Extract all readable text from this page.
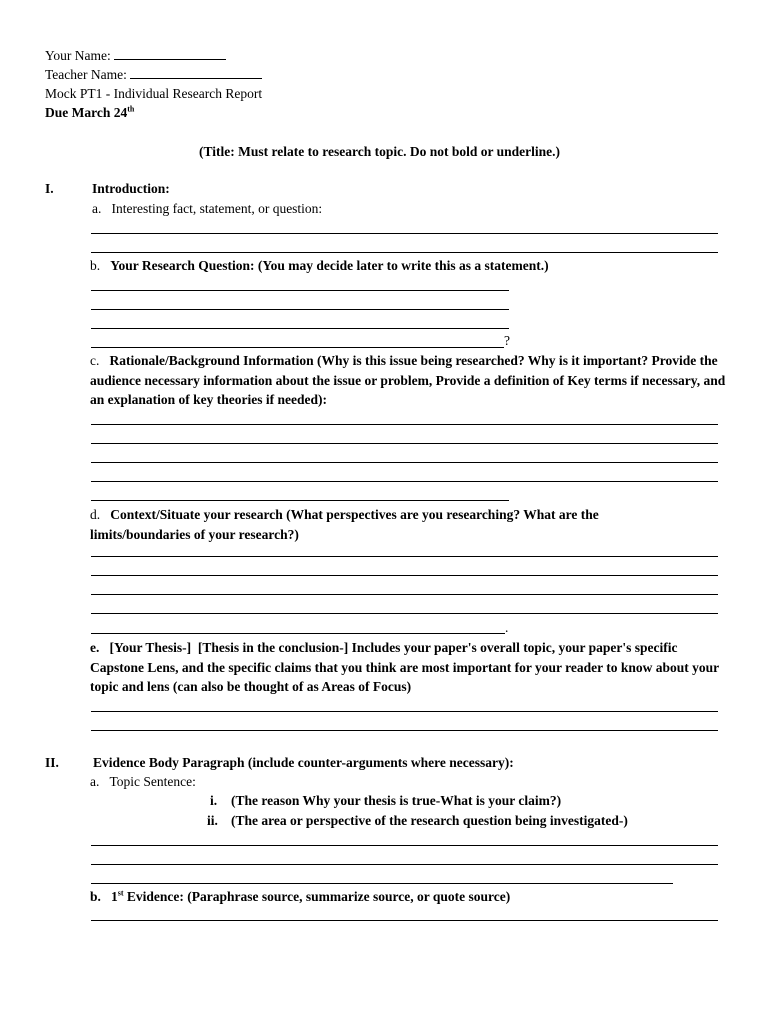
Your Name:
Teacher Name:
Mock PT1 - Individual Research Report
Due March 24th
(Title: Must relate to research topic. Do not bold or underline.)
I.	Introduction:
a. Interesting fact, statement, or question:
b. Your Research Question: (You may decide later to write this as a statement.)
?
c. Rationale/Background Information (Why is this issue being researched? Why is it important? Provide the audience necessary information about the issue or problem, Provide a definition of Key terms if necessary, and an explanation of key theories if needed):
d. Context/Situate your research (What perspectives are you researching? What are the limits/boundaries of your research?)
.
e. [Your Thesis-] [Thesis in the conclusion-] Includes your paper's overall topic, your paper's specific Capstone Lens, and the specific claims that you think are most important for your reader to know about your topic and lens (can also be thought of as Areas of Focus)
II.	Evidence Body Paragraph (include counter-arguments where necessary):
a. Topic Sentence:
i. (The reason Why your thesis is true-What is your claim?)
ii. (The area or perspective of the research question being investigated-)
b. 1st Evidence: (Paraphrase source, summarize source, or quote source)
